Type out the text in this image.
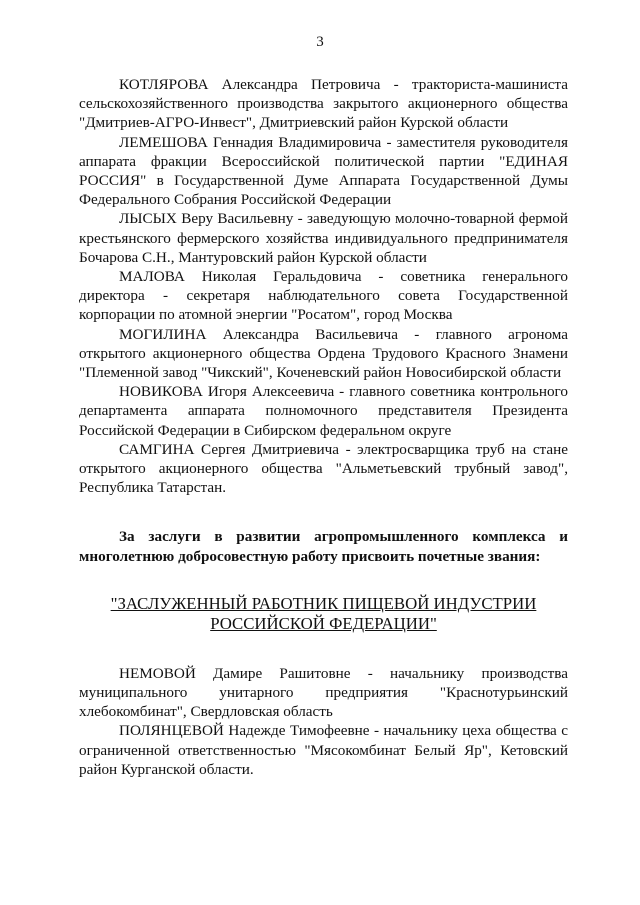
3

КОТЛЯРОВА Александра Петровича - тракториста-машиниста сельскохозяйственного производства закрытого акционерного общества "Дмитриев-АГРО-Инвест", Дмитриевский район Курской области

ЛЕМЕШОВА Геннадия Владимировича - заместителя руководителя аппарата фракции Всероссийской политической партии "ЕДИНАЯ РОССИЯ" в Государственной Думе Аппарата Государственной Думы Федерального Собрания Российской Федерации

ЛЫСЫХ Веру Васильевну - заведующую молочно-товарной фермой крестьянского фермерского хозяйства индивидуального предпринимателя Бочарова С.Н., Мантуровский район Курской области

МАЛОВА Николая Геральдовича - советника генерального директора - секретаря наблюдательного совета Государственной корпорации по атомной энергии "Росатом", город Москва

МОГИЛИНА Александра Васильевича - главного агронома открытого акционерного общества Ордена Трудового Красного Знамени "Племенной завод "Чикский", Коченевский район Новосибирской области

НОВИКОВА Игоря Алексеевича - главного советника контрольного департамента аппарата полномочного представителя Президента Российской Федерации в Сибирском федеральном округе

САМГИНА Сергея Дмитриевича - электросварщика труб на стане открытого акционерного общества "Альметьевский трубный завод", Республика Татарстан.

За заслуги в развитии агропромышленного комплекса и многолетнюю добросовестную работу присвоить почетные звания:
"ЗАСЛУЖЕННЫЙ РАБОТНИК ПИЩЕВОЙ ИНДУСТРИИ РОССИЙСКОЙ ФЕДЕРАЦИИ"

НЕМОВОЙ Дамире Рашитовне - начальнику производства муниципального унитарного предприятия "Краснотурьинский хлебокомбинат", Свердловская область

ПОЛЯНЦЕВОЙ Надежде Тимофеевне - начальнику цеха общества с ограниченной ответственностью "Мясокомбинат Белый Яр", Кетовский район Курганской области.
